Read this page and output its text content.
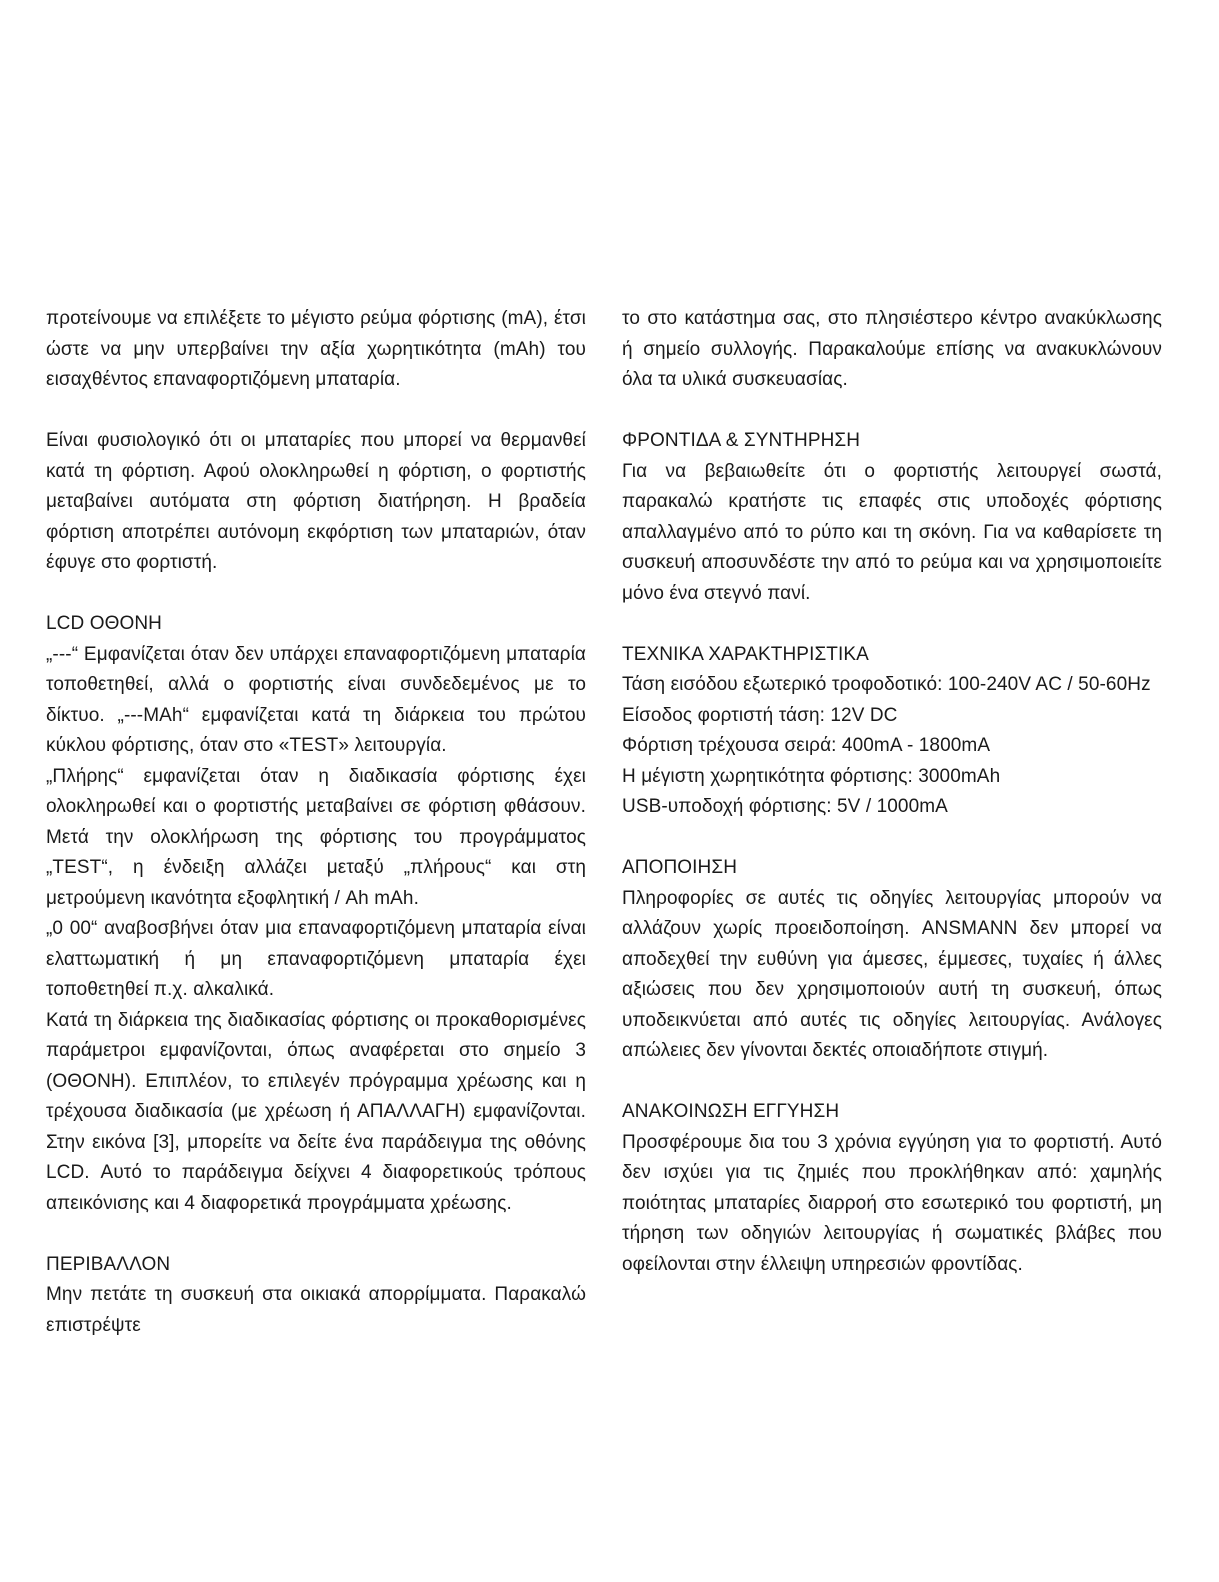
προτείνουμε να επιλέξετε το μέγιστο ρεύμα φόρτισης (mA), έτσι ώστε να μην υπερβαίνει την αξία χωρητικότητα (mAh) του εισαχθέντος επαναφορτιζόμενη μπαταρία.

Είναι φυσιολογικό ότι οι μπαταρίες που μπορεί να θερμανθεί κατά τη φόρτιση. Αφού ολοκληρωθεί η φόρτιση, ο φορτιστής μεταβαίνει αυτόματα στη φόρτιση διατήρηση. Η βραδεία φόρτιση αποτρέπει αυτόνομη εκφόρτιση των μπαταριών, όταν έφυγε στο φορτιστή.

LCD ΟΘΟΝΗ

„---“ Εμφανίζεται όταν δεν υπάρχει επαναφορτιζόμενη μπαταρία τοποθετηθεί, αλλά ο φορτιστής είναι συνδεδεμένος με το δίκτυο. „---MAh“ εμφανίζεται κατά τη διάρκεια του πρώτου κύκλου φόρτισης, όταν στο «TEST» λειτουργία.

„Πλήρης“ εμφανίζεται όταν η διαδικασία φόρτισης έχει ολοκληρωθεί και ο φορτιστής μεταβαίνει σε φόρτιση φθάσουν. Μετά την ολοκλήρωση της φόρτισης του προγράμματος „TEST“, η ένδειξη αλλάζει μεταξύ „πλήρους“ και στη μετρούμενη ικανότητα εξοφλητική / Ah mAh.

„0 00“ αναβοσβήνει όταν μια επαναφορτιζόμενη μπαταρία είναι ελαττωματική ή μη επαναφορτιζόμενη μπαταρία έχει τοποθετηθεί π.χ. αλκαλικά.

Κατά τη διάρκεια της διαδικασίας φόρτισης οι προκαθορισμένες παράμετροι εμφανίζονται, όπως αναφέρεται στο σημείο 3 (ΟΘΟΝΗ). Επιπλέον, το επιλεγέν πρόγραμμα χρέωσης και η τρέχουσα διαδικασία (με χρέωση ή ΑΠΑΛΛΑΓΗ) εμφανίζονται. Στην εικόνα [3], μπορείτε να δείτε ένα παράδειγμα της οθόνης LCD. Αυτό το παράδειγμα δείχνει 4 διαφορετικούς τρόπους απεικόνισης και 4 διαφορετικά προγράμματα χρέωσης.

ΠΕΡΙΒΑΛΛΟΝ

Μην πετάτε τη συσκευή στα οικιακά απορρίμματα. Παρακαλώ επιστρέψτε

το στο κατάστημα σας, στο πλησιέστερο κέντρο ανακύκλωσης ή σημείο συλλογής. Παρακαλούμε επίσης να ανακυκλώνουν όλα τα υλικά συσκευασίας.

ΦΡΟΝΤΙΔΑ & ΣΥΝΤΗΡΗΣΗ

Για να βεβαιωθείτε ότι ο φορτιστής λειτουργεί σωστά, παρακαλώ κρατήστε τις επαφές στις υποδοχές φόρτισης απαλλαγμένο από το ρύπο και τη σκόνη. Για να καθαρίσετε τη συσκευή αποσυνδέστε την από το ρεύμα και να χρησιμοποιείτε μόνο ένα στεγνό πανί.

ΤΕΧΝΙΚΑ ΧΑΡΑΚΤΗΡΙΣΤΙΚΑ

Τάση εισόδου εξωτερικό τροφοδοτικό: 100-240V AC / 50-60Hz

Είσοδος φορτιστή τάση: 12V DC

Φόρτιση τρέχουσα σειρά: 400mA - 1800mA

Η μέγιστη χωρητικότητα φόρτισης: 3000mAh

USB-υποδοχή φόρτισης: 5V / 1000mA

ΑΠΟΠΟΙΗΣΗ

Πληροφορίες σε αυτές τις οδηγίες λειτουργίας μπορούν να αλλάζουν χωρίς προειδοποίηση. ANSMANN δεν μπορεί να αποδεχθεί την ευθύνη για άμεσες, έμμεσες, τυχαίες ή άλλες αξιώσεις που δεν χρησιμοποιούν αυτή τη συσκευή, όπως υποδεικνύεται από αυτές τις οδηγίες λειτουργίας. Ανάλογες απώλειες δεν γίνονται δεκτές οποιαδήποτε στιγμή.

ΑΝΑΚΟΙΝΩΣΗ ΕΓΓΥΗΣΗ

Προσφέρουμε δια του 3 χρόνια εγγύηση για το φορτιστή. Αυτό δεν ισχύει για τις ζημιές που προκλήθηκαν από: χαμηλής ποιότητας μπαταρίες διαρροή στο εσωτερικό του φορτιστή, μη τήρηση των οδηγιών λειτουργίας ή σωματικές βλάβες που οφείλονται στην έλλειψη υπηρεσιών φροντίδας.
